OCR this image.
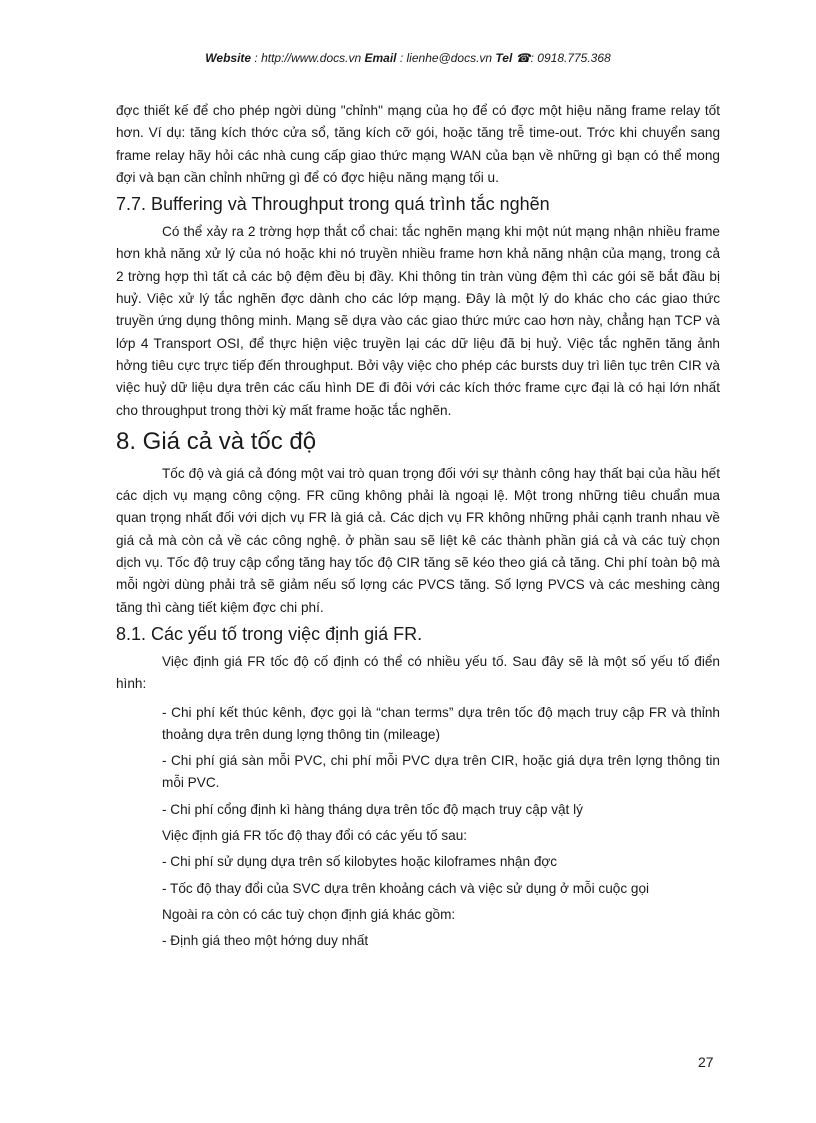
Website : http://www.docs.vn Email : lienhe@docs.vn Tel ☎: 0918.775.368

đợc thiết kế để cho phép ngời dùng "chỉnh" mạng của họ để có đợc một hiệu năng frame relay tốt hơn. Ví dụ: tăng kích thớc cửa sổ, tăng kích cỡ gói, hoặc tăng trễ time-out. Trớc khi chuyển sang frame relay hãy hỏi các nhà cung cấp giao thức mạng WAN của bạn về những gì bạn có thể mong đợi và bạn cần chỉnh những gì để có đợc hiệu năng mạng tối u.

7.7. Buffering và Throughput trong quá trình tắc nghẽn

Có thể xảy ra 2 trờng hợp thắt cổ chai: tắc nghẽn mạng khi một nút mạng nhận nhiều frame hơn khả năng xử lý của nó hoặc khi nó truyền nhiều frame hơn khả năng nhận của mạng, trong cả 2 trờng hợp thì tất cả các bộ đệm đều bị đầy. Khi thông tin tràn vùng đệm thì các gói sẽ bắt đầu bị huỷ. Việc xử lý tắc nghẽn đợc dành cho các lớp mạng. Đây là một lý do khác cho các giao thức truyền ứng dụng thông minh. Mạng sẽ dựa vào các giao thức mức cao hơn này, chẳng hạn TCP và lớp 4 Transport OSI, để thực hiện việc truyền lại các dữ liệu đã bị huỷ. Việc tắc nghẽn tăng ảnh hởng tiêu cực trực tiếp đến throughput. Bởi vậy việc cho phép các bursts duy trì liên tục trên CIR và việc huỷ dữ liệu dựa trên các cấu hình DE đi đôi với các kích thớc frame cực đại là có hại lớn nhất cho throughput trong thời kỳ mất frame hoặc tắc nghẽn.

8. Giá cả và tốc độ

Tốc độ và giá cả đóng một vai trò quan trọng đối với sự thành công hay thất bại của hầu hết các dịch vụ mạng công cộng. FR cũng không phải là ngoại lệ. Một trong những tiêu chuẩn mua quan trọng nhất đối với dịch vụ FR là giá cả. Các dịch vụ FR không những phải cạnh tranh nhau về giá cả mà còn cả về các công nghệ. ở phần sau sẽ liệt kê các thành phần giá cả và các tuỳ chọn dịch vụ. Tốc độ truy cập cổng tăng hay tốc độ CIR tăng sẽ kéo theo giá cả tăng. Chi phí toàn bộ mà mỗi ngời dùng phải trả sẽ giảm nếu số lợng các PVCS tăng. Số lợng PVCS và các meshing càng tăng thì càng tiết kiệm đợc chi phí.

8.1. Các yếu tố trong việc định giá FR.

Việc định giá FR tốc độ cố định có thể có nhiều yếu tố. Sau đây sẽ là một số yếu tố điển hình:

- Chi phí kết thúc kênh, đợc gọi là “chan terms” dựa trên tốc độ mạch truy cập FR và thỉnh thoảng dựa trên dung lợng thông tin (mileage)

- Chi phí giá sàn mỗi PVC, chi phí mỗi PVC dựa trên CIR, hoặc giá dựa trên lợng thông tin mỗi PVC.

- Chi phí cổng định kì hàng tháng dựa trên tốc độ mạch truy cập vật lý

Việc định giá FR tốc độ thay đổi có các yếu tố sau:

- Chi phí sử dụng dựa trên số kilobytes hoặc kiloframes nhận đợc

- Tốc độ thay đổi của SVC dựa trên khoảng cách và việc sử dụng ở mỗi cuộc gọi

Ngoài ra còn có các tuỳ chọn định giá khác gồm:

- Định giá theo một hớng duy nhất

27
